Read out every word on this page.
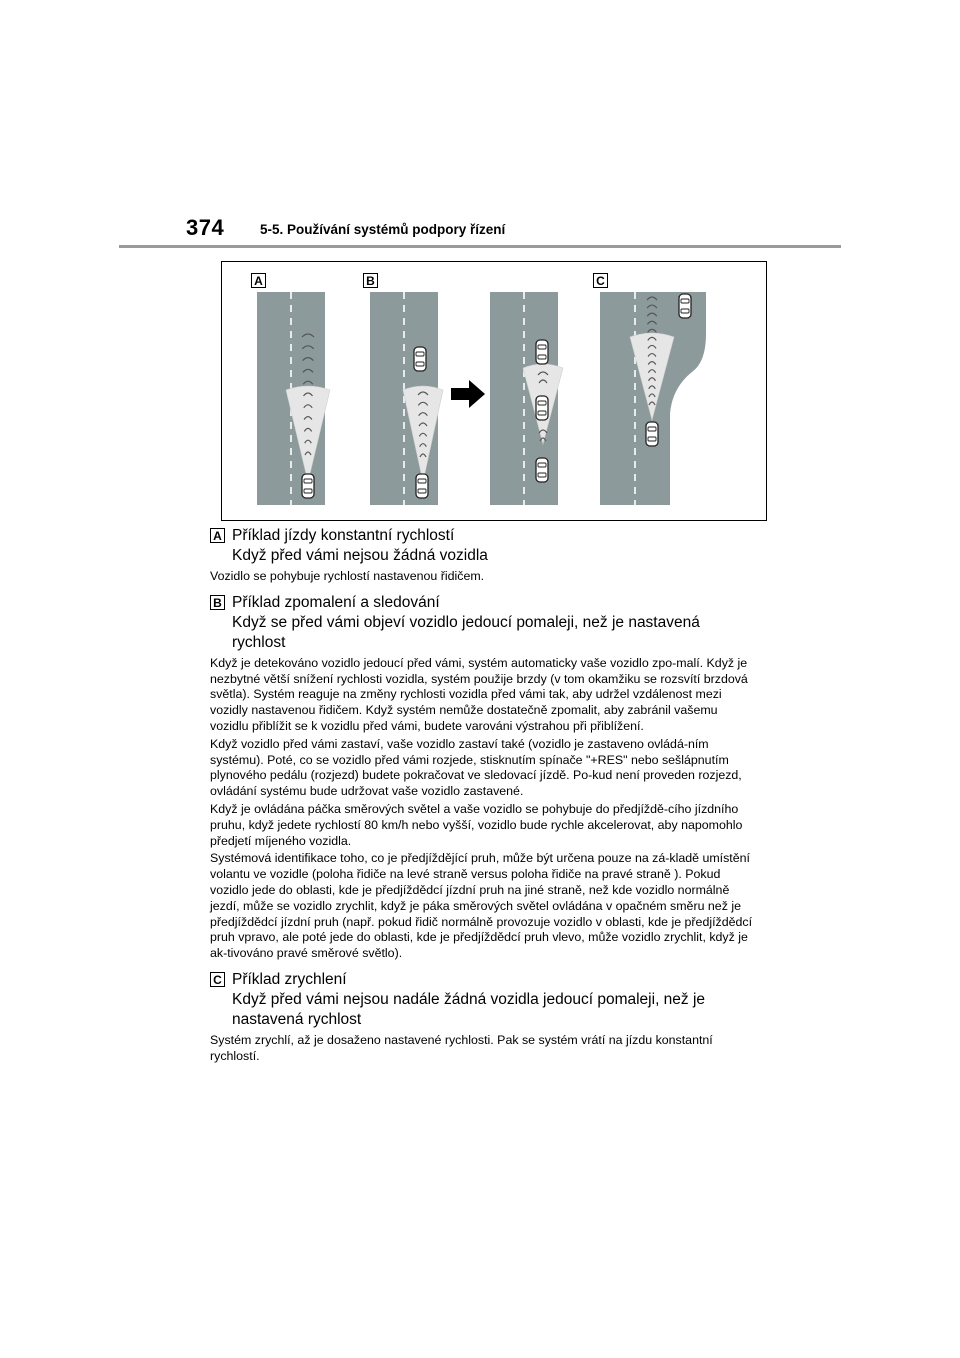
374	5-5. Používání systémů podpory řízení
A	B	C
A Příklad jízdy konstantní rychlostí
Když před vámi nejsou žádná vozidla
Vozidlo se pohybuje rychlostí nastavenou řidičem.
B Příklad zpomalení a sledování
Když se před vámi objeví vozidlo jedoucí pomaleji, než je nastavená
rychlost
Když je detekováno vozidlo jedoucí před vámi, systém automaticky vaše vozidlo zpo-malí. Když je nezbytné větší snížení rychlosti vozidla, systém použije brzdy (v tom okamžiku se rozsvítí brzdová světla). Systém reaguje na změny rychlosti vozidla před vámi tak, aby udržel vzdálenost mezi vozidly nastavenou řidičem. Když systém nemůže dostatečně zpomalit, aby zabránil vašemu vozidlu přiblížit se k vozidlu před vámi, budete varováni výstrahou při přiblížení.
Když vozidlo před vámi zastaví, vaše vozidlo zastaví také (vozidlo je zastaveno ovládá-ním systému). Poté, co se vozidlo před vámi rozjede, stisknutím spínače "+RES" nebo sešlápnutím plynového pedálu (rozjezd) budete pokračovat ve sledovací jízdě. Po-kud není proveden rozjezd, ovládání systému bude udržovat vaše vozidlo zastavené.
Když je ovládána páčka směrových světel a vaše vozidlo se pohybuje do předjíždě-cího jízdního pruhu, když jedete rychlostí 80 km/h nebo vyšší, vozidlo bude rychle akcelerovat, aby napomohlo předjetí míjeného vozidla.
Systémová identifikace toho, co je předjíždějící pruh, může být určena pouze na zá-kladě umístění volantu ve vozidle (poloha řidiče na levé straně versus poloha řidiče na pravé straně ). Pokud vozidlo jede do oblasti, kde je předjíždědcí jízdní pruh na jiné straně, než kde vozidlo normálně jezdí, může se vozidlo zrychlit, když je páka směrových světel ovládána v opačném směru než je předjíždědcí jízdní pruh (např. pokud řidič normálně provozuje vozidlo v oblasti, kde je předjíždědcí pruh vpravo, ale poté jede do oblasti, kde je předjíždědcí pruh vlevo, může vozidlo zrychlit, když je ak-tivováno pravé směrové světlo).
C Příklad zrychlení
Když před vámi nejsou nadále žádná vozidla jedoucí pomaleji, než je
nastavená rychlost
Systém zrychlí, až je dosaženo nastavené rychlosti. Pak se systém vrátí na jízdu konstantní rychlostí.
